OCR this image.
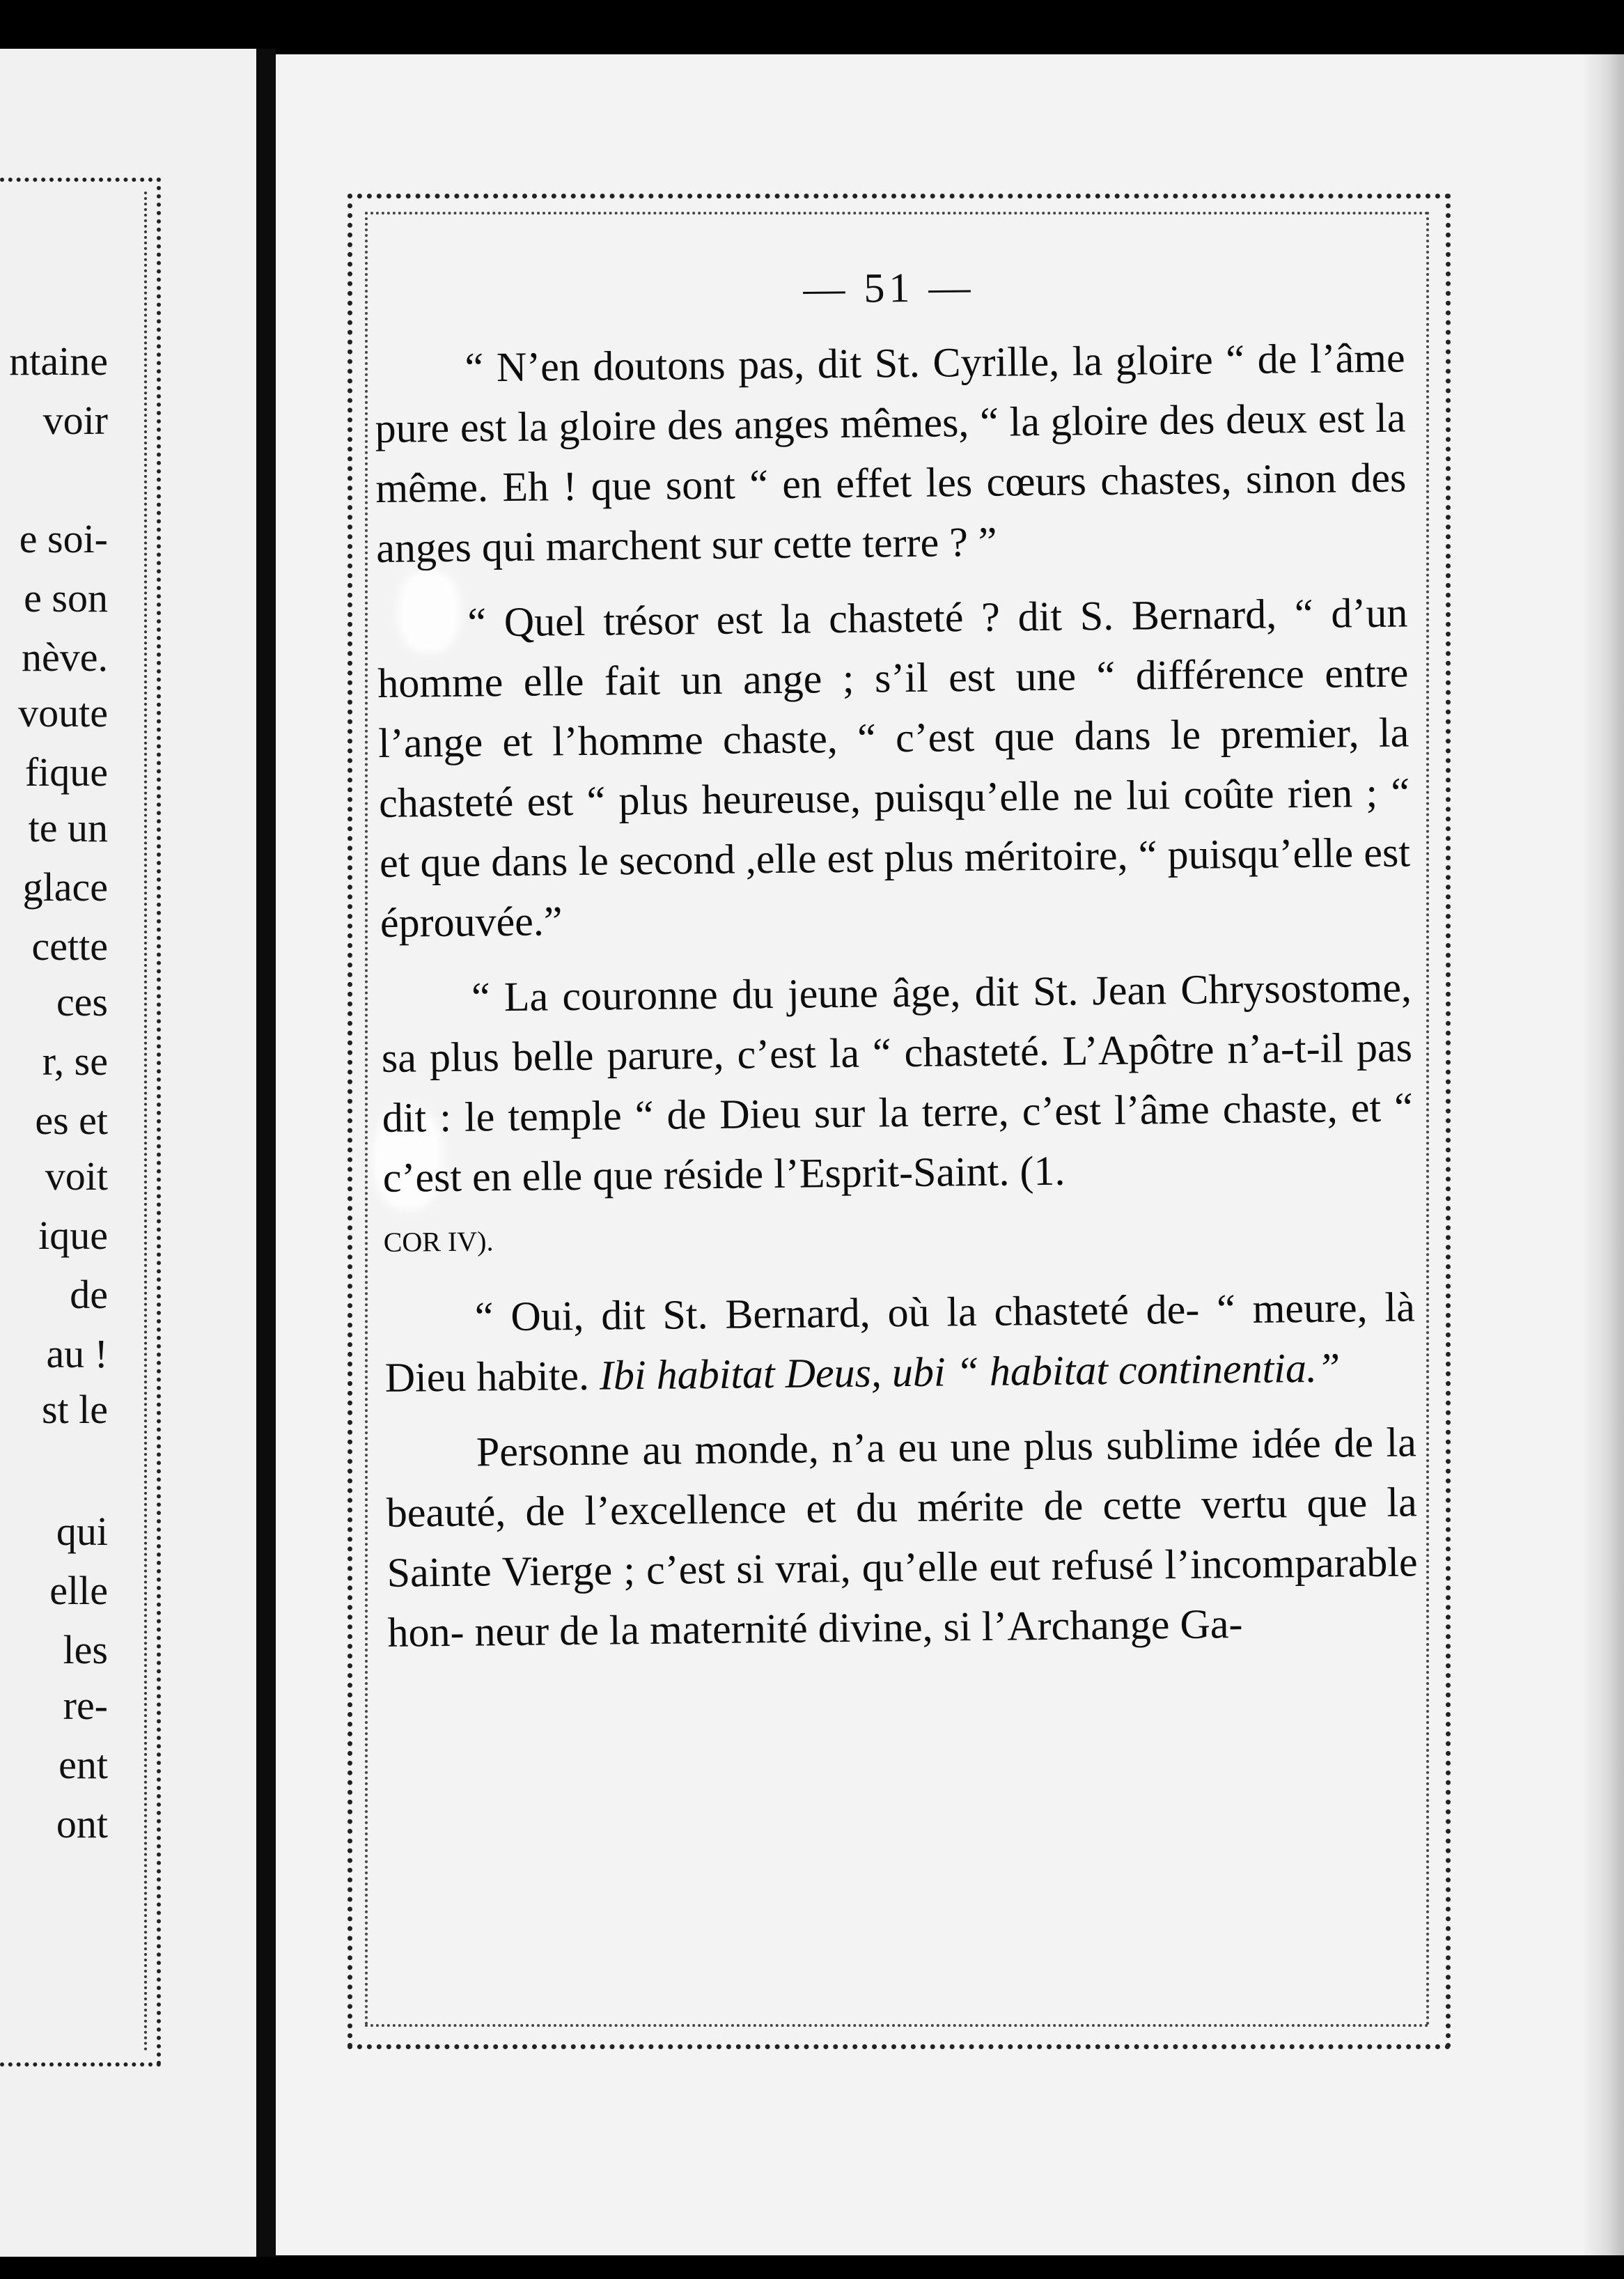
ntaine
voir
e soi-
e son
nève.
voute
fique
te un
glace
cette
ces
r, se
es et
voit
ique
de
au !
st le
qui
elle
les
re-
ent
ont
— 51 —

“ N’en doutons pas, dit St. Cyrille, la gloire “ de l’âme pure est la gloire des anges mêmes, “ la gloire des deux est la même. Eh ! que sont “ en effet les cœurs chastes, sinon des anges qui marchent sur cette terre ? ”

“ Quel trésor est la chasteté ? dit S. Bernard, “ d’un homme elle fait un ange ; s’il est une “ différence entre l’ange et l’homme chaste, “ c’est que dans le premier, la chasteté est “ plus heureuse, puisqu’elle ne lui coûte rien ; “ et que dans le second ,elle est plus méritoire, “ puisqu’elle est éprouvée.”

“ La couronne du jeune âge, dit St. Jean Chrysostome, sa plus belle parure, c’est la “ chasteté. L’Apôtre n’a-t-il pas dit : le temple “ de Dieu sur la terre, c’est l’âme chaste, et “ c’est en elle que réside l’Esprit-Saint. (1.

COR IV).

“ Oui, dit St. Bernard, où la chasteté de- “ meure, là Dieu habite. Ibi habitat Deus, ubi “ habitat continentia.”

Personne au monde, n’a eu une plus sublime idée de la beauté, de l’excellence et du mérite de cette vertu que la Sainte Vierge ; c’est si vrai, qu’elle eut refusé l’incomparable hon- neur de la maternité divine, si l’Archange Ga-
